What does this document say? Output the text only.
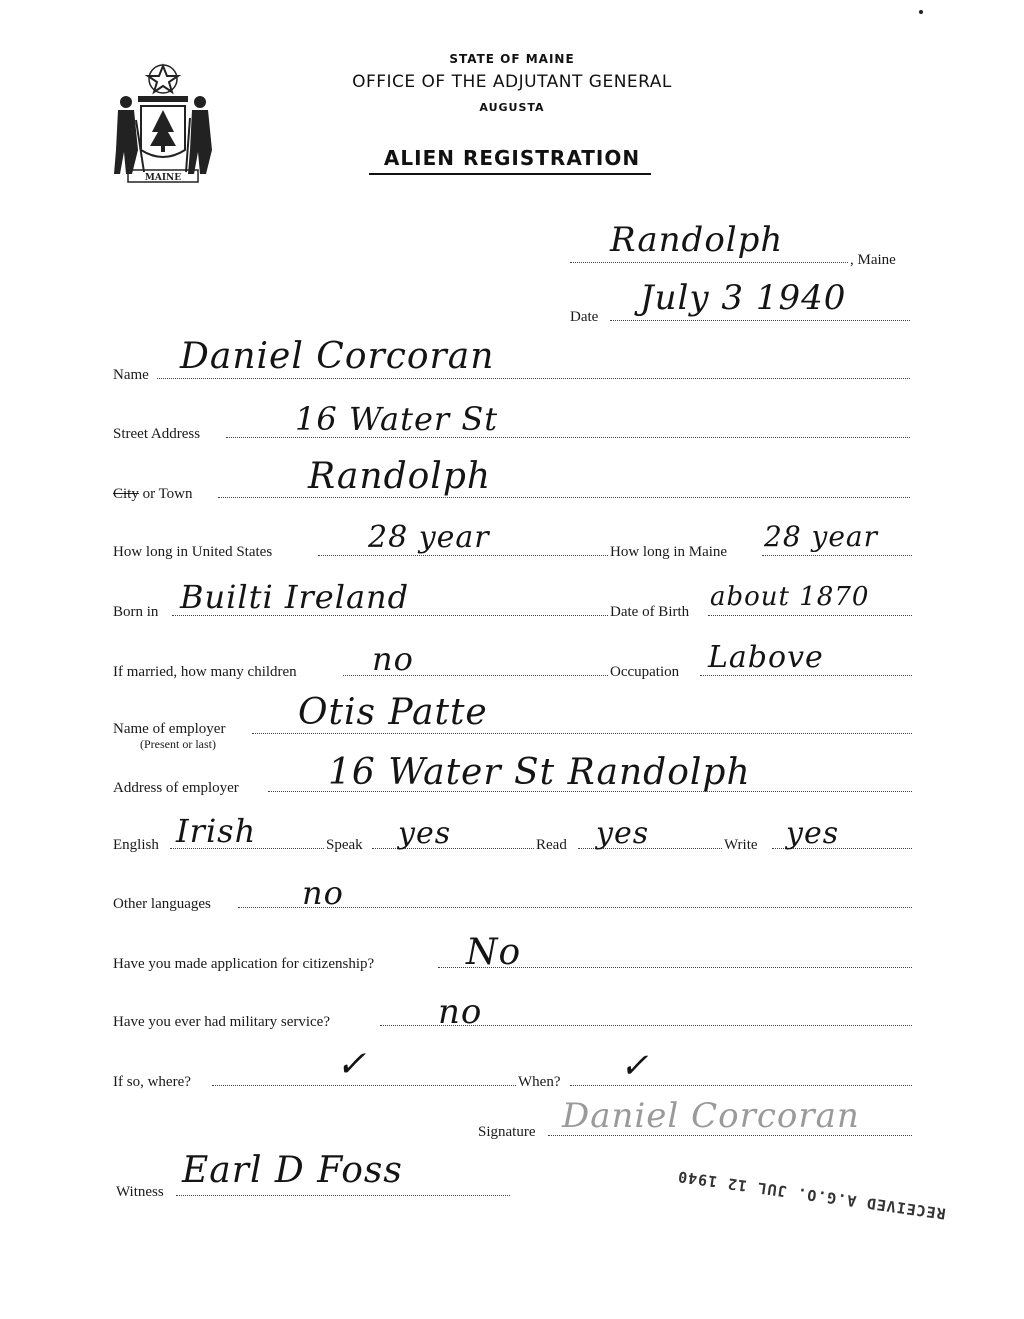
MAINE
STATE OF MAINE
OFFICE OF THE ADJUTANT GENERAL
AUGUSTA
ALIEN REGISTRATION
Randolph	, Maine
Date July 3 1940
Name Daniel Corcoran
Street Address	16 Water St
City or Town	Randolph
How long in United States	28 year	How long in Maine 28 year
Born in Builti Ireland	Date of Birth about 1870
If married, how many children no	Occupation Labove
Name of employer
(Present or last)
Otis Patte
Address of employer 16 Water St Randolph
English Irish	Speak yes	Read yes	Write yes
Other languages	no
Have you made application for citizenship?	No
Have you ever had military service?	no
If so, where?	✓	When? ✓
Signature Daniel Corcoran
Witness
Earl D Foss	RECEIVED A.G.O. JUL 12 1940
